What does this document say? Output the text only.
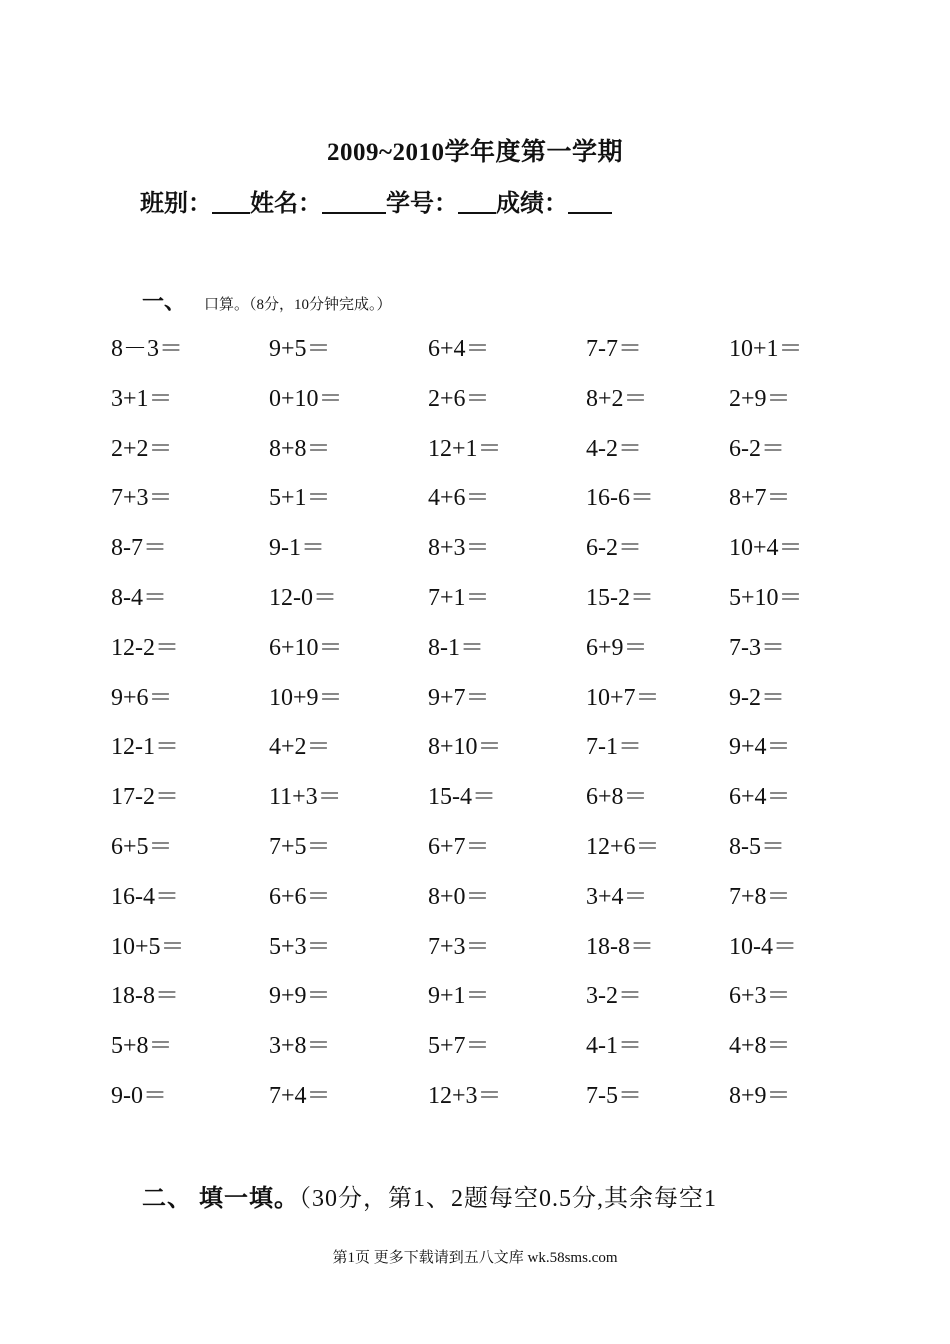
2009~2010学年度第一学期
班别： 姓名：	学号： 成绩：
一、 口算。（8分，10分钟完成。）
8－3＝	9+5＝	6+4＝	7-7＝	10+1＝
3+1＝	0+10＝	2+6＝	8+2＝	2+9＝
2+2＝	8+8＝	12+1＝	4-2＝	6-2＝
7+3＝	5+1＝	4+6＝	16-6＝	8+7＝
8-7＝	9-1＝	8+3＝	6-2＝	10+4＝
8-4＝	12-0＝	7+1＝	15-2＝	5+10＝
12-2＝	6+10＝	8-1＝	6+9＝	7-3＝
9+6＝	10+9＝	9+7＝	10+7＝	9-2＝
12-1＝	4+2＝	8+10＝	7-1＝	9+4＝
17-2＝	11+3＝	15-4＝	6+8＝	6+4＝
6+5＝	7+5＝	6+7＝	12+6＝	8-5＝
16-4＝	6+6＝	8+0＝	3+4＝	7+8＝
10+5＝	5+3＝	7+3＝	18-8＝	10-4＝
18-8＝	9+9＝	9+1＝	3-2＝	6+3＝
5+8＝	3+8＝	5+7＝	4-1＝	4+8＝
9-0＝	7+4＝	12+3＝	7-5＝	8+9＝
二、 填一填。（30分，第1、2题每空0.5分,其余每空1
第1页 更多下载请到五八文库 wk.58sms.com
